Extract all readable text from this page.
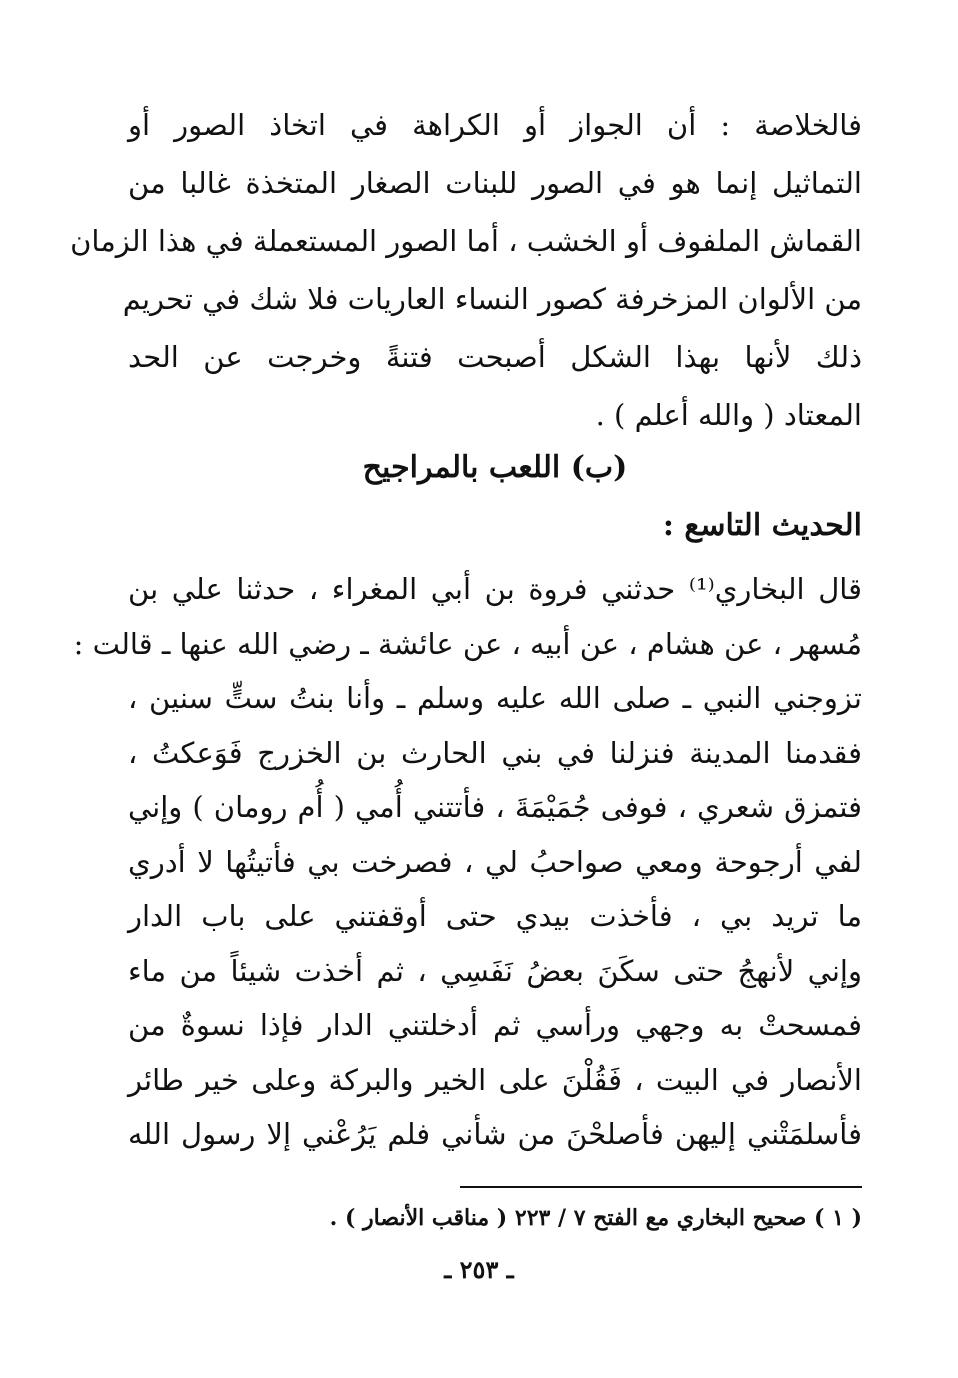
فالخلاصة : أن الجواز أو الكراهة في اتخاذ الصور أو
التماثيل إنما هو في الصور للبنات الصغار المتخذة غالبا من
القماش الملفوف أو الخشب ، أما الصور المستعملة في هذا الزمان
من الألوان المزخرفة كصور النساء العاريات فلا شك في تحريم
ذلك لأنها بهذا الشكل أصبحت فتنةً وخرجت عن الحد
المعتاد ( والله أعلم ) .
(ب) اللعب بالمراجيح
الحديث التاسع :
قال البخاري⁽¹⁾ حدثني فروة بن أبي المغراء ، حدثنا علي بن
مُسهر ، عن هشام ، عن أبيه ، عن عائشة ـ رضي الله عنها ـ قالت :
تزوجني النبي ـ صلى الله عليه وسلم ـ وأنا بنتُ ستٍّ سنين ،
فقدمنا المدينة فنزلنا في بني الحارث بن الخزرج فَوَعكتُ ،
فتمزق شعري ، فوفى جُمَيْمَةَ ، فأتتني أُمي ( أُم رومان ) وإني
لفي أرجوحة ومعي صواحبُ لي ، فصرخت بي فأتيتُها لا أدري
ما تريد بي ، فأخذت بيدي حتى أوقفتني على باب الدار
وإني لأنهجُ حتى سكَنَ بعضُ نَفَسِي ، ثم أخذت شيئاً من ماء
فمسحتْ به وجهي ورأسي ثم أدخلتني الدار فإذا نسوةٌ من
الأنصار في البيت ، فَقُلْنَ على الخير والبركة وعلى خير طائر
فأسلمَتْني إليهن فأصلحْنَ من شأني فلم يَرُعْني إلا رسول الله
( ١ ) صحيح البخاري مع الفتح ٧ / ٢٢٣ ( مناقب الأنصار ) .
ـ ٢٥٣ ـ
